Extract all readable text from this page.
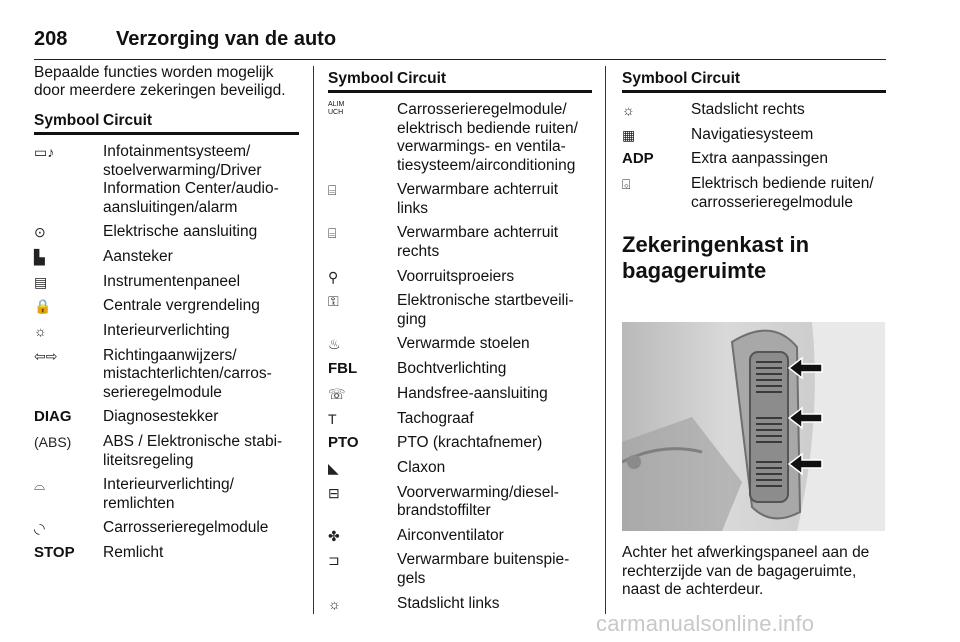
208 Verzorging van de auto
Bepaalde functies worden mogelijk door meerdere zekeringen beveiligd.
Symbool Circuit
▭♪	Infotainmentsysteem/ stoelverwarming/Driver Information Center/audio-aansluitingen/alarm
⊙	Elektrische aansluiting
▙	Aansteker
▤	Instrumentenpaneel
🔒	Centrale vergrendeling
☼	Interieurverlichting
⇦⇨	Richtingaanwijzers/ mistachterlichten/carros-serieregelmodule
DIAG	Diagnosestekker
(ABS)	ABS / Elektronische stabi-liteitsregeling
⌓	Interieurverlichting/ remlichten
◟◝	Carrosserieregelmodule
STOP	Remlicht
Symbool Circuit
ALIM UCH	Carrosserieregelmodule/ elektrisch bediende ruiten/ verwarmings- en ventila-tiesysteem/airconditioning
⌸	Verwarmbare achterruit links
⌸	Verwarmbare achterruit rechts
⚲	Voorruitsproeiers
⚿	Elektronische startbeveili-ging
♨	Verwarmde stoelen
FBL	Bochtverlichting
☏	Handsfree-aansluiting
T	Tachograaf
PTO	PTO (krachtafnemer)
◣	Claxon
⊟	Voorverwarming/diesel-brandstoffilter
✤	Airconventilator
⊐	Verwarmbare buitenspie-gels
☼	Stadslicht links
Symbool Circuit
☼	Stadslicht rechts
▦	Navigatiesysteem
ADP	Extra aanpassingen
⌺	Elektrisch bediende ruiten/ carrosserieregelmodule
Zekeringenkast in bagageruimte
Achter het afwerkingspaneel aan de rechterzijde van de bagageruimte, naast de achterdeur.
carmanualsonline.info
